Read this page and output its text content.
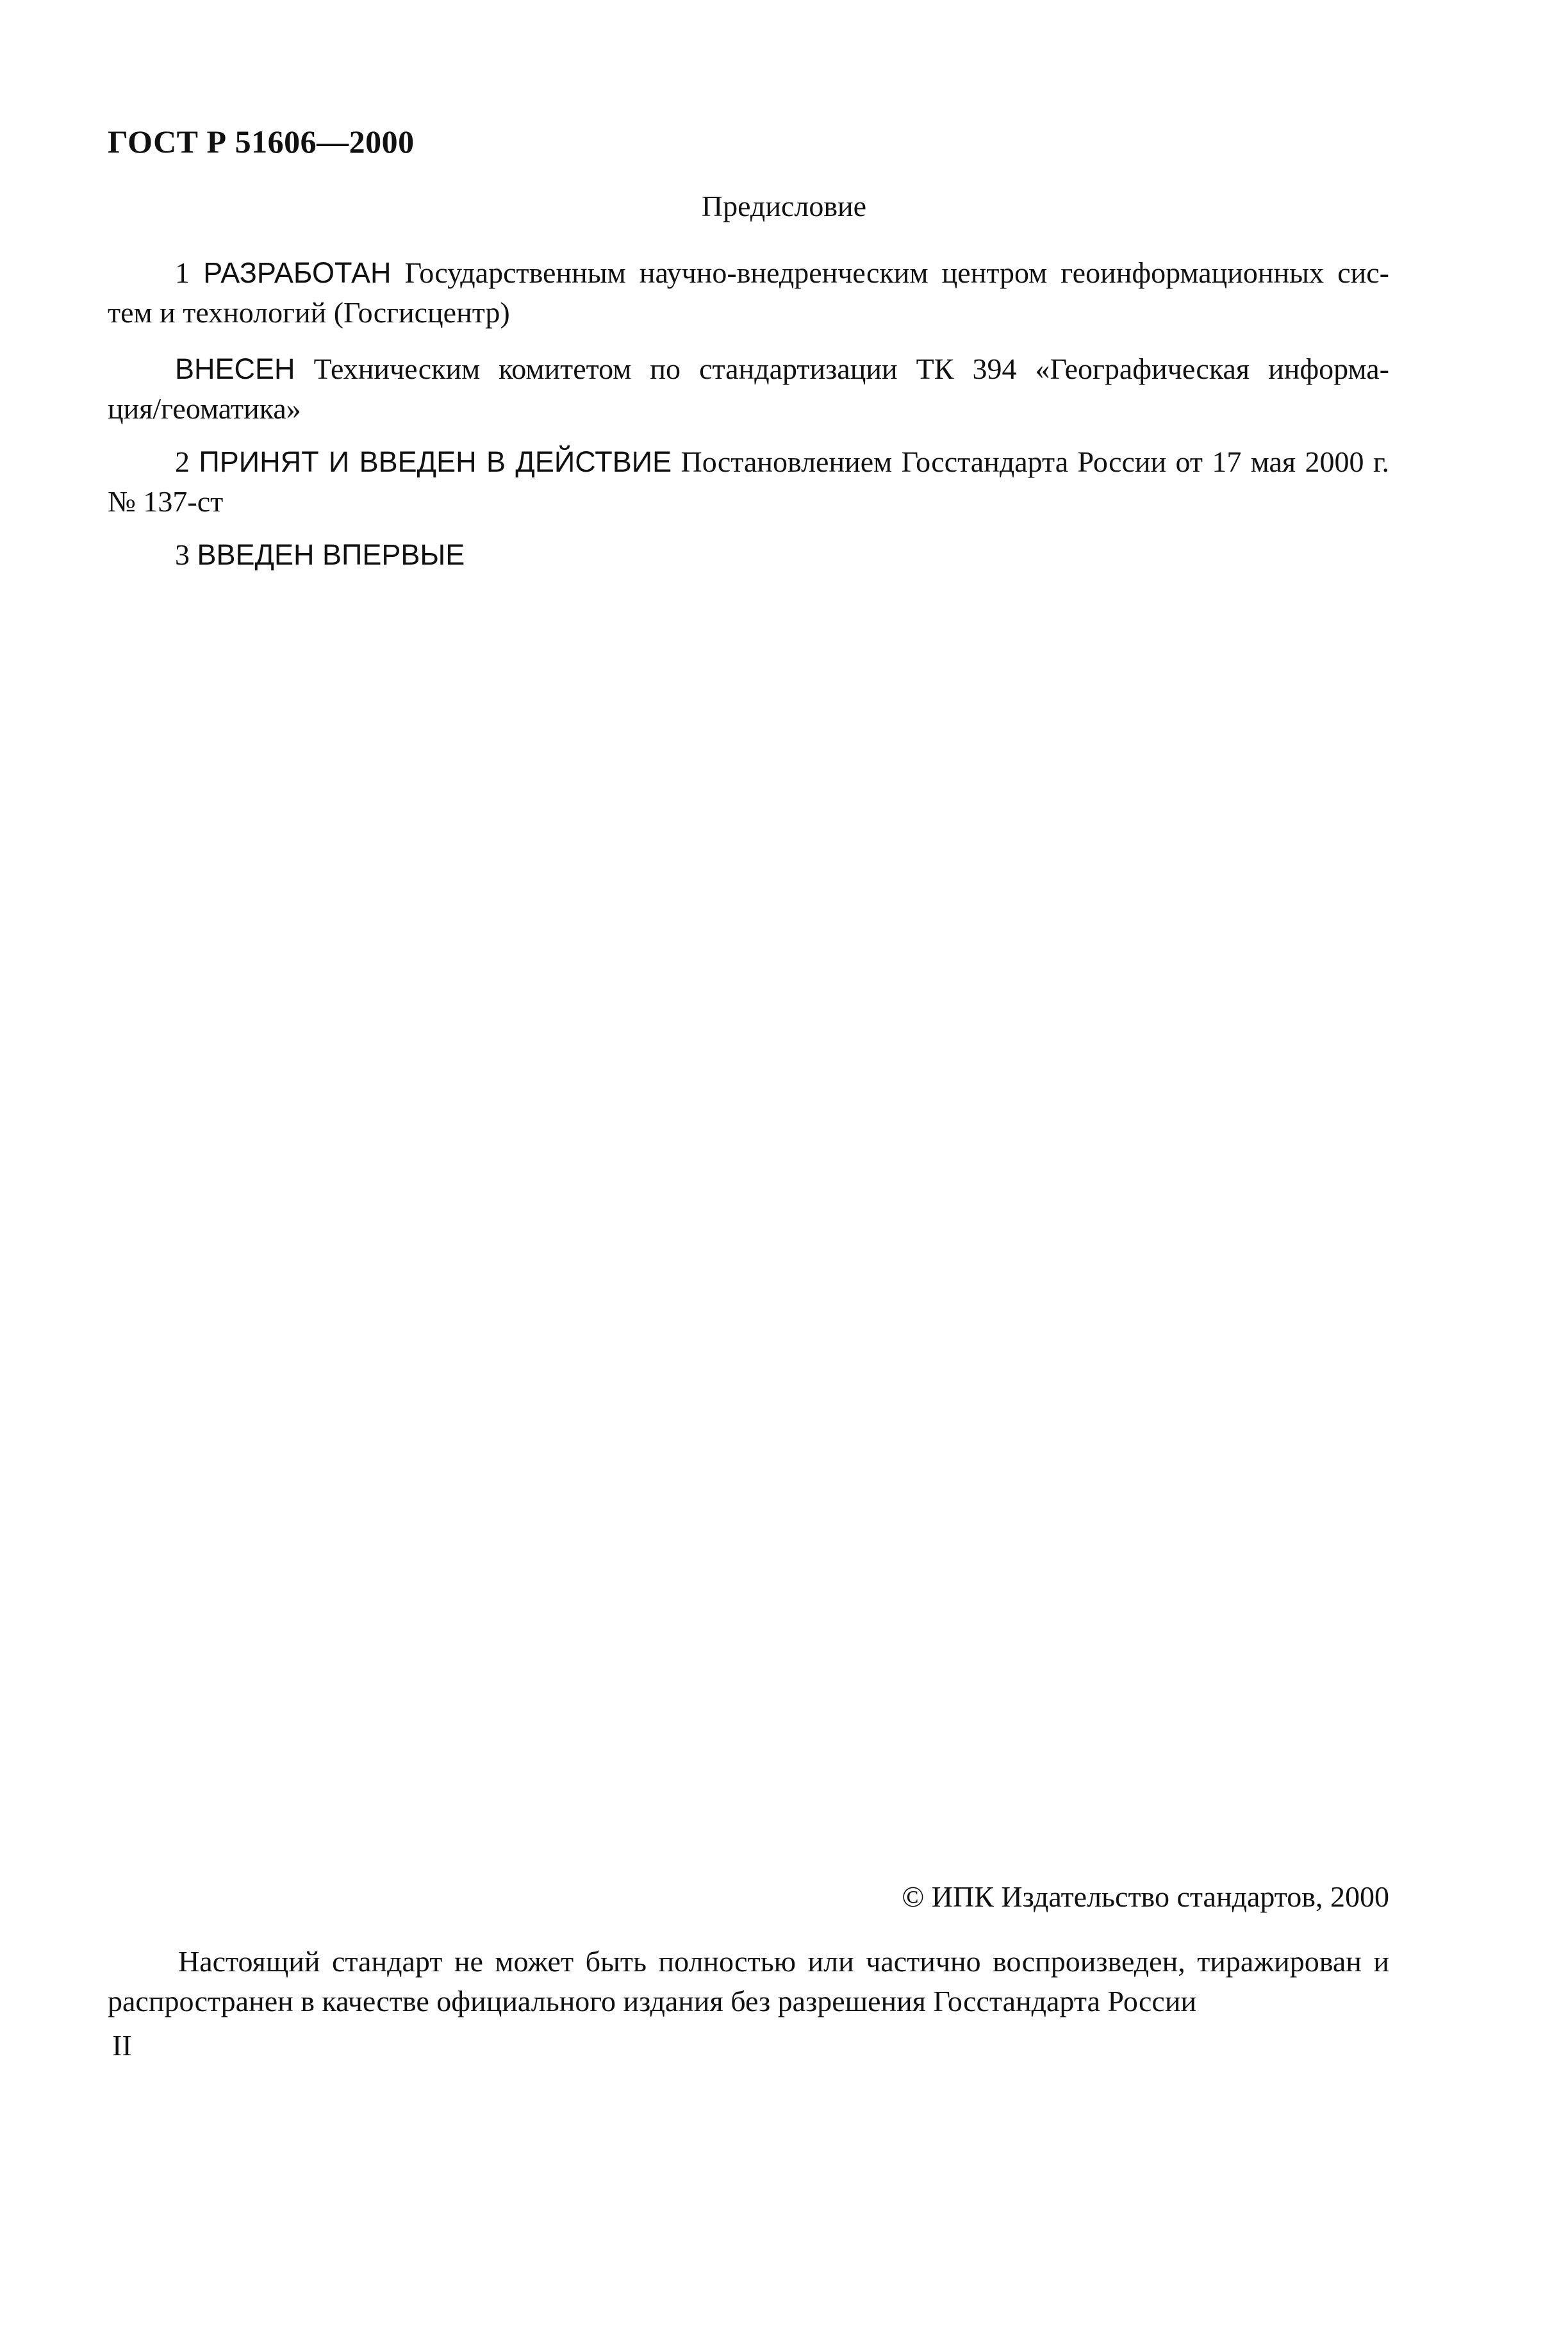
ГОСТ Р 51606—2000
Предисловие
1 РАЗРАБОТАН Государственным научно-внедренческим центром геоинформационных сис-
тем и технологий (Госгисцентр)
ВНЕСЕН Техническим комитетом по стандартизации ТК 394 «Географическая информа-
ция/геоматика»
2 ПРИНЯТ И ВВЕДЕН В ДЕЙСТВИЕ Постановлением Госстандарта России от 17 мая 2000 г.
№ 137-ст
3 ВВЕДЕН ВПЕРВЫЕ
© ИПК Издательство стандартов, 2000
Настоящий стандарт не может быть полностью или частично воспроизведен, тиражирован и
распространен в качестве официального издания без разрешения Госстандарта России
II
